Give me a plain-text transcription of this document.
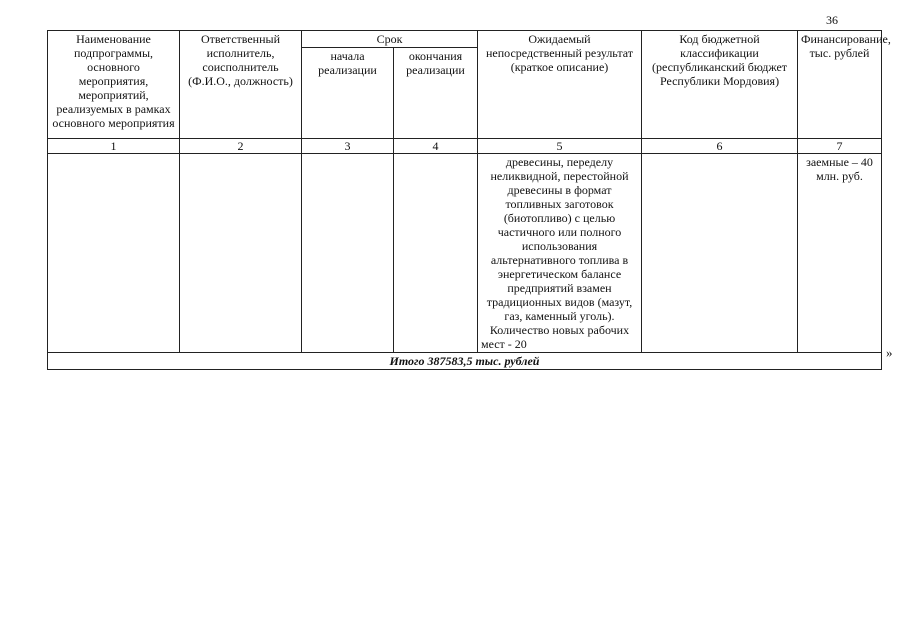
36
Наименование подпрограммы, основного мероприятия, мероприятий, реализуемых в рамках основного мероприятия	Ответственный исполнитель, соисполнитель (Ф.И.О., должность)	Срок		Ожидаемый непосредственный результат (краткое описание)	Код бюджетной классификации (республиканский бюджет Республики Мордовия)	Финансирование, тыс. рублей
		начала реализации	окончания реализации			
1	2	3	4	5	6	7
				древесины, переделу неликвидной, перестойной древесины в формат топливных заготовок (биотопливо) с целью частичного или полного использования альтернативного топлива в энергетическом балансе предприятий взамен традиционных видов (мазут, газ, каменный уголь). Количество новых рабочих мест - 20		заемные – 40 млн. руб.
Итого 387583,5 тыс. рублей						
»
